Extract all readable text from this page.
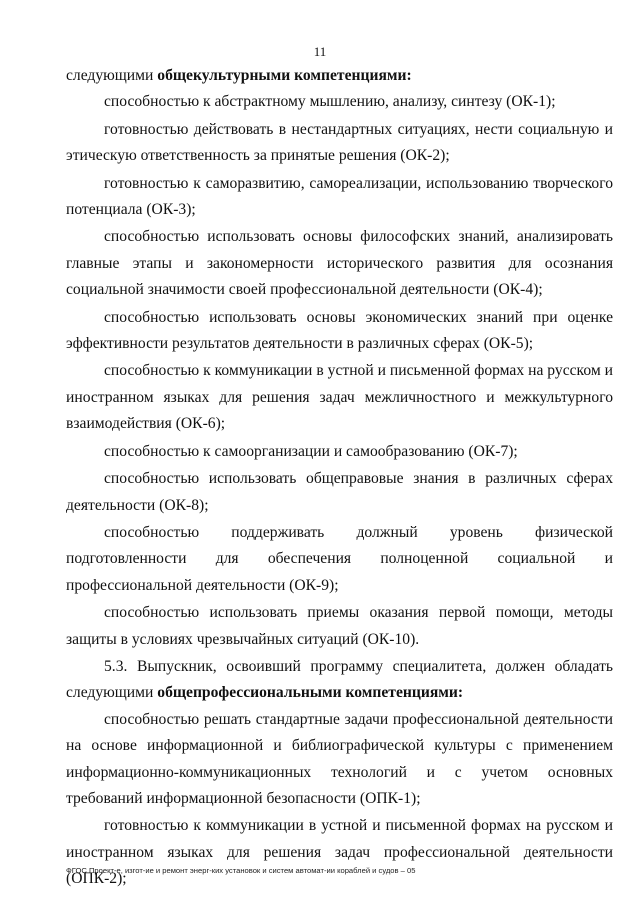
11

следующими общекультурными компетенциями:

способностью к абстрактному мышлению, анализу, синтезу (ОК-1);

готовностью действовать в нестандартных ситуациях, нести социальную и этическую ответственность за принятые решения (ОК-2);

готовностью к саморазвитию, самореализации, использованию творческого потенциала (ОК-3);

способностью использовать основы философских знаний, анализировать главные этапы и закономерности исторического развития для осознания социальной значимости своей профессиональной деятельности (ОК-4);

способностью использовать основы экономических знаний при оценке эффективности результатов деятельности в различных сферах (ОК-5);

способностью к коммуникации в устной и письменной формах на русском и иностранном языках для решения задач межличностного и межкультурного взаимодействия (ОК-6);

способностью к самоорганизации и самообразованию (ОК-7);

способностью использовать общеправовые знания в различных сферах деятельности (ОК-8);

способностью поддерживать должный уровень физической подготовленности для обеспечения полноценной социальной и профессиональной деятельности (ОК-9);

способностью использовать приемы оказания первой помощи, методы защиты в условиях чрезвычайных ситуаций (ОК-10).

5.3. Выпускник, освоивший программу специалитета, должен обладать следующими общепрофессиональными компетенциями:

способностью решать стандартные задачи профессиональной деятельности на основе информационной и библиографической культуры с применением информационно-коммуникационных технологий и с учетом основных требований информационной безопасности (ОПК-1);

готовностью к коммуникации в устной и письменной формах на русском и иностранном языках для решения задач профессиональной деятельности (ОПК-2);

ФГОС Проект-е, изгот-ие и ремонт энерг-ких установок и систем автомат-ии кораблей и судов – 05
